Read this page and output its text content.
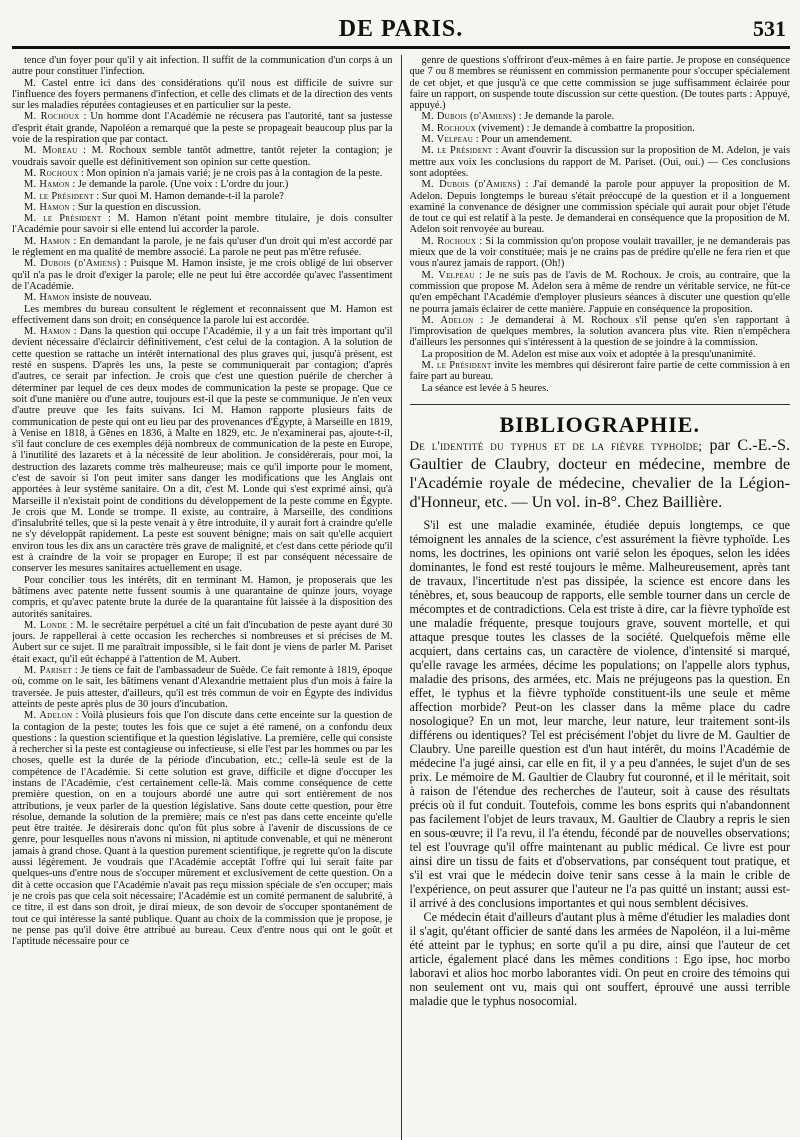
DE PARIS.	531

tence d'un foyer pour qu'il y ait infection. Il suffit de la communication d'un corps à un autre pour constituer l'infection.

M. Castel entre ici dans des considérations qu'il nous est difficile de suivre sur l'influence des foyers permanens d'infection, et celle des climats et de la direction des vents sur les maladies réputées contagieuses et en particulier sur la peste.

M. Rochoux : Un homme dont l'Académie ne récusera pas l'autorité, tant sa justesse d'esprit était grande, Napoléon a remarqué que la peste se propageait beaucoup plus par la voie de la respiration que par contact.

M. Moreau : M. Rochoux semble tantôt admettre, tantôt rejeter la contagion; je voudrais savoir quelle est définitivement son opinion sur cette question.

M. Rochoux : Mon opinion n'a jamais varié; je ne crois pas à la contagion de la peste.

M. Hamon : Je demande la parole. (Une voix : L'ordre du jour.)

M. le Président : Sur quoi M. Hamon demande-t-il la parole?

M. Hamon : Sur la question en discussion.

M. le Président : M. Hamon n'étant point membre titulaire, je dois consulter l'Académie pour savoir si elle entend lui accorder la parole.

M. Hamon : En demandant la parole, je ne fais qu'user d'un droit qui m'est accordé par le réglement en ma qualité de membre associé. La parole ne peut pas m'être refusée.

M. Dubois (d'Amiens) : Puisque M. Hamon insiste, je me crois obligé de lui observer qu'il n'a pas le droit d'exiger la parole; elle ne peut lui être accordée qu'avec l'assentiment de l'Académie.

M. Hamon insiste de nouveau.

Les membres du bureau consultent le réglement et reconnaissent que M. Hamon est effectivement dans son droit; en conséquence la parole lui est accordée.

M. Hamon : Dans la question qui occupe l'Académie, il y a un fait très important qu'il devient nécessaire d'éclaircir définitivement, c'est celui de la contagion. A la solution de cette question se rattache un intérêt international des plus graves qui, jusqu'à présent, est resté en suspens. D'après les uns, la peste se communiquerait par contagion; d'après d'autres, ce serait par infection. Je crois que c'est une question puérile de chercher à déterminer par lequel de ces deux modes de communication la peste se propage. Que ce soit d'une manière ou d'une autre, toujours est-il que la peste se communique. Je n'en veux d'autre preuve que les faits suivans. Ici M. Hamon rapporte plusieurs faits de communication de peste qui ont eu lieu par des provenances d'Égypte, à Marseille en 1819, à Venise en 1818, à Gênes en 1836, à Malte en 1829, etc. Je n'examinerai pas, ajoute-t-il, s'il faut conclure de ces exemples déjà nombreux de communication de la peste en Europe, à l'inutilité des lazarets et à la nécessité de leur abolition. Je considérerais, pour moi, la destruction des lazarets comme très malheureuse; mais ce qu'il importe pour le moment, c'est de savoir si l'on peut imiter sans danger les modifications que les Anglais ont apportées à leur système sanitaire. On a dit, c'est M. Londe qui s'est exprimé ainsi, qu'à Marseille il n'existait point de conditions du développement de la peste comme en Égypte. Je crois que M. Londe se trompe. Il existe, au contraire, à Marseille, des conditions d'insalubrité telles, que si la peste venait à y être introduite, il y aurait fort à craindre qu'elle ne s'y développât rapidement. La peste est souvent bénigne; mais on sait qu'elle acquiert environ tous les dix ans un caractère très grave de malignité, et c'est dans cette période qu'il est à craindre de la voir se propager en Europe; il est par conséquent nécessaire de conserver les mesures sanitaires actuellement en usage.

Pour concilier tous les intérêts, dit en terminant M. Hamon, je proposerais que les bâtimens avec patente nette fussent soumis à une quarantaine de quinze jours, voyage compris, et qu'avec patente brute la durée de la quarantaine fût laissée à la disposition des autorités sanitaires.

M. Londe : M. le secrétaire perpétuel a cité un fait d'incubation de peste ayant duré 30 jours. Je rappellerai à cette occasion les recherches si nombreuses et si précises de M. Aubert sur ce sujet. Il me paraîtrait impossible, si le fait dont je viens de parler M. Pariset était exact, qu'il eût échappé à l'attention de M. Aubert.

M. Pariset : Je tiens ce fait de l'ambassadeur de Suède. Ce fait remonte à 1819, époque où, comme on le sait, les bâtimens venant d'Alexandrie mettaient plus d'un mois à faire la traversée. Je puis attester, d'ailleurs, qu'il est très commun de voir en Égypte des individus atteints de peste après plus de 30 jours d'incubation.

M. Adelon : Voilà plusieurs fois que l'on discute dans cette enceinte sur la question de la contagion de la peste; toutes les fois que ce sujet a été ramené, on a confondu deux questions : la question scientifique et la question législative. La première, celle qui consiste à rechercher si la peste est contagieuse ou infectieuse, si elle l'est par les hommes ou par les choses, quelle est la durée de la période d'incubation, etc.; celle-là seule est de la compétence de l'Académie. Si cette solution est grave, difficile et digne d'occuper les instans de l'Académie, c'est certainement celle-là. Mais comme conséquence de cette première question, on en a toujours abordé une autre qui sort entièrement de nos attributions, je veux parler de la question législative. Sans doute cette question, pour être résolue, demande la solution de la première; mais ce n'est pas dans cette enceinte qu'elle peut être traitée. Je désirerais donc qu'on fût plus sobre à l'avenir de discussions de ce genre, pour lesquelles nous n'avons ni mission, ni aptitude convenable, et qui ne mèneront jamais à grand chose. Quant à la question purement scientifique, je regrette qu'on la discute aussi légèrement. Je voudrais que l'Académie acceptât l'offre qui lui serait faite par quelques-uns d'entre nous de s'occuper mûrement et exclusivement de cette question. On a dit à cette occasion que l'Académie n'avait pas reçu mission spéciale de s'en occuper; mais je ne crois pas que cela soit nécessaire; l'Académie est un comité permanent de salubrité, à ce titre, il est dans son droit, je dirai mieux, de son devoir de s'occuper spontanément de tout ce qui intéresse la santé publique. Quant au choix de la commission que je propose, je ne pense pas qu'il doive être attribué au bureau. Ceux d'entre nous qui ont le goût et l'aptitude nécessaire pour ce

genre de questions s'offriront d'eux-mêmes à en faire partie. Je propose en conséquence que 7 ou 8 membres se réunissent en commission permanente pour s'occuper spécialement de cet objet, et que jusqu'à ce que cette commission se juge suffisamment éclairée pour faire un rapport, on suspende toute discussion sur cette question. (De toutes parts : Appuyé, appuyé.)

M. Dubois (d'Amiens) : Je demande la parole.

M. Rochoux (vivement) : Je demande à combattre la proposition.

M. Velpeau : Pour un amendement.

M. le Président : Avant d'ouvrir la discussion sur la proposition de M. Adelon, je vais mettre aux voix les conclusions du rapport de M. Pariset. (Oui, oui.) — Ces conclusions sont adoptées.

M. Dubois (d'Amiens) : J'ai demandé la parole pour appuyer la proposition de M. Adelon. Depuis longtemps le bureau s'était préoccupé de la question et il a longuement examiné la convenance de désigner une commission spéciale qui aurait pour objet l'étude de tout ce qui est relatif à la peste. Je demanderai en conséquence que la proposition de M. Adelon soit renvoyée au bureau.

M. Rochoux : Si la commission qu'on propose voulait travailler, je ne demanderais pas mieux que de la voir constituée; mais je ne crains pas de prédire qu'elle ne fera rien et que vous n'aurez jamais de rapport. (Oh!)

M. Velpeau : Je ne suis pas de l'avis de M. Rochoux. Je crois, au contraire, que la commission que propose M. Adelon sera à même de rendre un véritable service, ne fût-ce qu'en empêchant l'Académie d'employer plusieurs séances à discuter une question qu'elle ne pourra jamais éclairer de cette manière. J'appuie en conséquence la proposition.

M. Adelon : Je demanderai à M. Rochoux s'il pense qu'en s'en rapportant à l'improvisation de quelques membres, la solution avancera plus vite. Rien n'empêchera d'ailleurs les personnes qui s'intéressent à la question de se joindre à la commission.

La proposition de M. Adelon est mise aux voix et adoptée à la presqu'unanimité.

M. le Président invite les membres qui désireront faire partie de cette commission à en faire part au bureau.

La séance est levée à 5 heures.

BIBLIOGRAPHIE.
De l'identité du typhus et de la fièvre typhoïde; par C.-E.-S. Gaultier de Claubry, docteur en médecine, membre de l'Académie royale de médecine, chevalier de la Légion-d'Honneur, etc. — Un vol. in-8°. Chez Baillière.

S'il est une maladie examinée, étudiée depuis longtemps, ce que témoignent les annales de la science, c'est assurément la fièvre typhoïde. Les noms, les doctrines, les opinions ont varié selon les époques, selon les idées dominantes, le fond est resté toujours le même. Malheureusement, après tant de travaux, l'incertitude n'est pas dissipée, la science est encore dans les ténèbres, et, sous beaucoup de rapports, elle semble tourner dans un cercle de mécomptes et de contradictions. Cela est triste à dire, car la fièvre typhoïde est une maladie fréquente, presque toujours grave, souvent mortelle, et qui attaque presque toutes les classes de la société. Quelquefois même elle acquiert, dans certains cas, un caractère de violence, d'intensité si marqué, qu'elle ravage les armées, décime les populations; on l'appelle alors typhus, maladie des prisons, des armées, etc. Mais ne préjugeons pas la question. En effet, le typhus et la fièvre typhoïde constituent-ils une seule et même affection morbide? Peut-on les classer dans la même place du cadre nosologique? En un mot, leur marche, leur nature, leur traitement sont-ils différens ou identiques? Tel est précisément l'objet du livre de M. Gaultier de Claubry. Une pareille question est d'un haut intérêt, du moins l'Académie de médecine l'a jugé ainsi, car elle en fit, il y a peu d'années, le sujet d'un de ses prix. Le mémoire de M. Gaultier de Claubry fut couronné, et il le méritait, soit à raison de l'étendue des recherches de l'auteur, soit à cause des résultats précis où il fut conduit. Toutefois, comme les bons esprits qui n'abandonnent pas facilement l'objet de leurs travaux, M. Gaultier de Claubry a repris le sien en sous-œuvre; il l'a revu, il l'a étendu, fécondé par de nouvelles observations; tel est l'ouvrage qu'il offre maintenant au public médical. Ce livre est pour ainsi dire un tissu de faits et d'observations, par conséquent tout pratique, et s'il est vrai que le médecin doive tenir sans cesse à la main le crible de l'expérience, on peut assurer que l'auteur ne l'a pas quitté un instant; aussi est-il arrivé à des conclusions importantes et qui nous semblent décisives.

Ce médecin était d'ailleurs d'autant plus à même d'étudier les maladies dont il s'agit, qu'étant officier de santé dans les armées de Napoléon, il a lui-même été atteint par le typhus; en sorte qu'il a pu dire, ainsi que l'auteur de cet article, également placé dans les mêmes conditions : Ego ipse, hoc morbo laboravi et alios hoc morbo laborantes vidi. On peut en croire des témoins qui non seulement ont vu, mais qui ont souffert, éprouvé une aussi terrible maladie que le typhus nosocomial.
